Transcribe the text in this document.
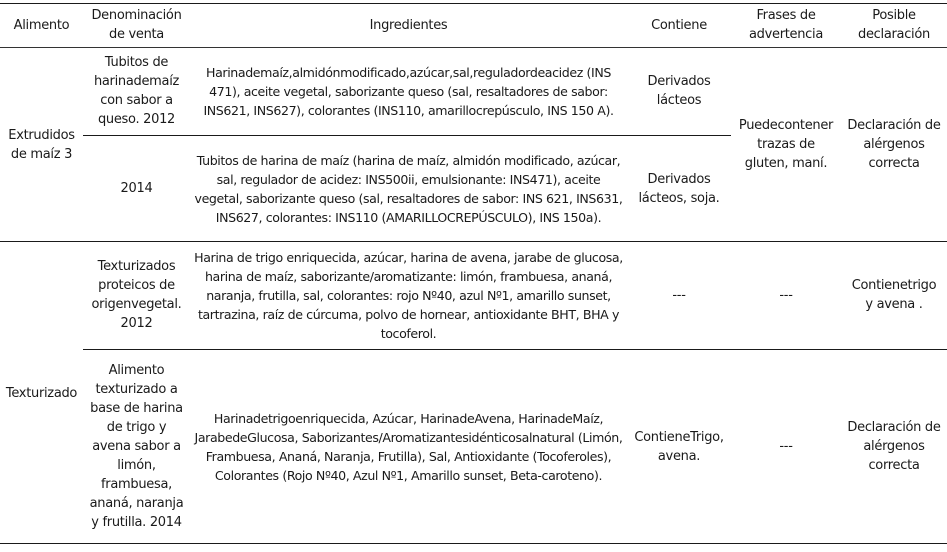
Alimento
Denominación de venta
Ingredientes	Contiene
Frases de advertencia
Posible declaración
Extrudidos de maíz 3
Tubitos de harinademaíz con sabor a queso. 2012
Harinademaíz,almidónmodificado,azúcar,sal,reguladordeacidez (INS 471), aceite vegetal, saborizante queso (sal, resaltadores de sabor: INS621, INS627), colorantes (INS110, amarillocrepúsculo, INS 150 A).
Derivados lácteos
2014
Tubitos de harina de maíz (harina de maíz, almidón modificado, azúcar, sal, regulador de acidez: INS500ii, emulsionante: INS471), aceite vegetal, saborizante queso (sal, resaltadores de sabor: INS 621, INS631, INS627, colorantes: INS110 (AMARILLOCREPÚSCULO), INS 150a).
Derivados lácteos, soja.
Puedecontener trazas de gluten, maní.
Declaración de alérgenos correcta
Texturizado
Texturizados proteicos de origenvegetal. 2012
Harina de trigo enriquecida, azúcar, harina de avena, jarabe de glucosa, harina de maíz, saborizante/aromatizante: limón, frambuesa, ananá, naranja, frutilla, sal, colorantes: rojo Nº40, azul Nº1, amarillo sunset, tartrazina, raíz de cúrcuma, polvo de hornear, antioxidante BHT, BHA y tocoferol.
---	---
Contienetrigo y avena .
Alimento texturizado a base de harina de trigo y avena sabor a limón, frambuesa, ananá, naranja y frutilla. 2014
Harinadetrigoenriquecida, Azúcar, HarinadeAvena, HarinadeMaíz, JarabedeGlucosa, Saborizantes/Aromatizantesidénticosalnatural (Limón, Frambuesa, Ananá, Naranja, Frutilla), Sal, Antioxidante (Tocoferoles), Colorantes (Rojo Nº40, Azul Nº1, Amarillo sunset, Beta-caroteno).
ContieneTrigo, avena.
---
Declaración de alérgenos correcta
